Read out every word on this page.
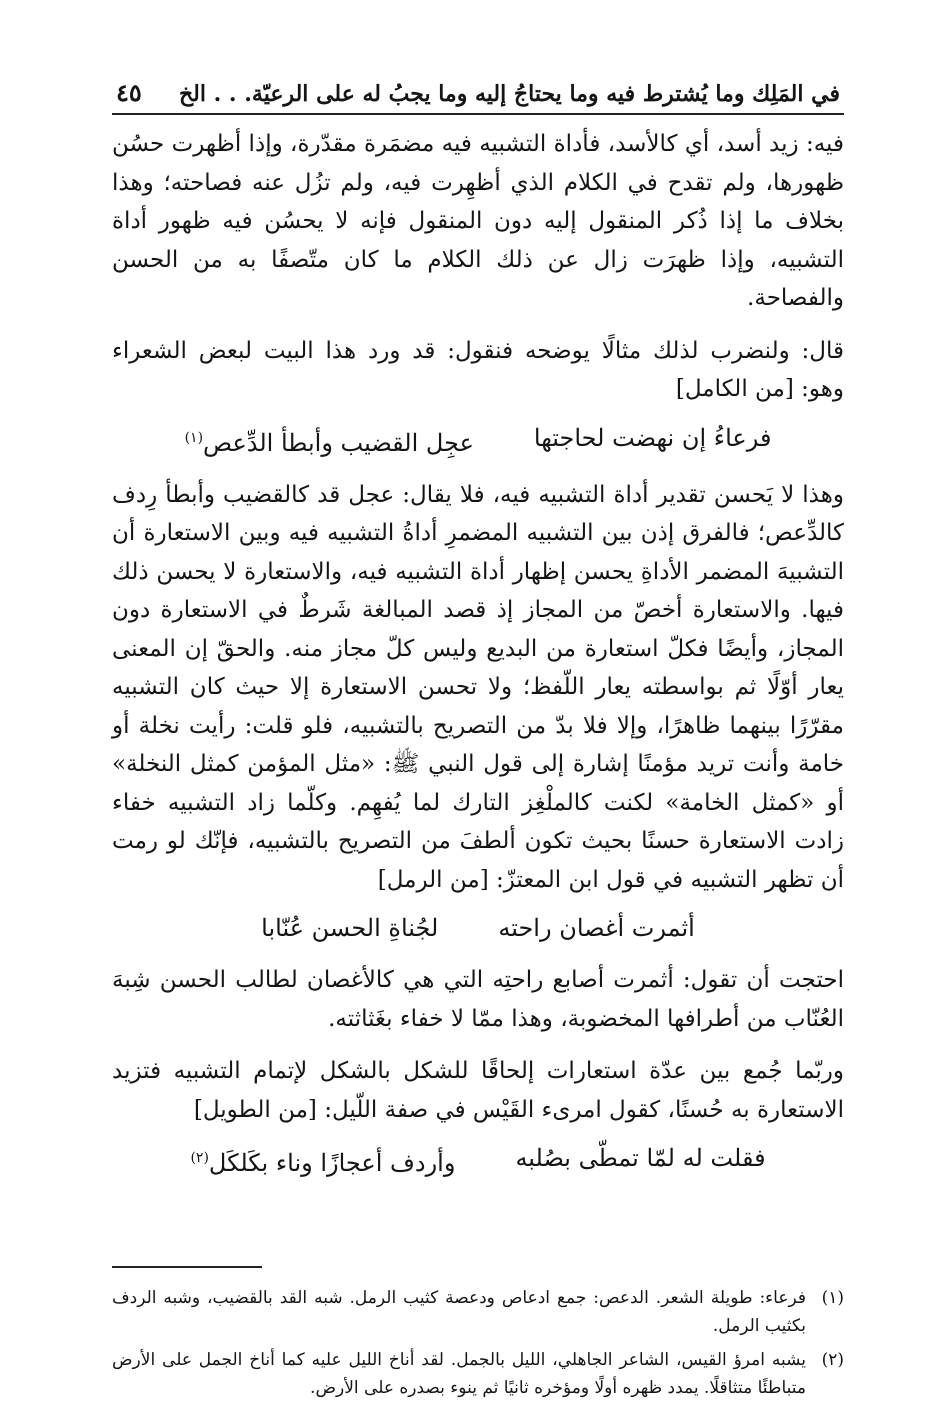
في المَلِك وما يُشترط فيه وما يحتاجُ إليه وما يجبُ له على الرعيّة. . . الخ
٤٥

فيه: زيد أسد، أي كالأسد، فأداة التشبيه فيه مضمَرة مقدّرة، وإذا أظهرت حسُن ظهورها، ولم تقدح في الكلام الذي أظهِرت فيه، ولم تزُل عنه فصاحته؛ وهذا بخلاف ما إذا ذُكر المنقول إليه دون المنقول فإنه لا يحسُن فيه ظهور أداة التشبيه، وإذا ظهرَت زال عن ذلك الكلام ما كان متّصفًا به من الحسن والفصاحة.

قال: ولنضرب لذلك مثالًا يوضحه فنقول: قد ورد هذا البيت لبعض الشعراء وهو: [من الكامل]

فرعاءُ إن نهضت لحاجتها
عجِل القضيب وأبطأ الدِّعص$^{(١)}$

وهذا لا يَحسن تقدير أداة التشبيه فيه، فلا يقال: عجل قد كالقضيب وأبطأ رِدف كالدِّعص؛ فالفرق إذن بين التشبيه المضمرِ أداةُ التشبيه فيه وبين الاستعارة أن التشبيهَ المضمر الأداةِ يحسن إظهار أداة التشبيه فيه، والاستعارة لا يحسن ذلك فيها. والاستعارة أخصّ من المجاز إذ قصد المبالغة شَرطٌ في الاستعارة دون المجاز، وأيضًا فكلّ استعارة من البديع وليس كلّ مجاز منه. والحقّ إن المعنى يعار أوّلًا ثم بواسطته يعار اللّفظ؛ ولا تحسن الاستعارة إلا حيث كان التشبيه مقرّرًا بينهما ظاهرًا، وإلا فلا بدّ من التصريح بالتشبيه، فلو قلت: رأيت نخلة أو خامة وأنت تريد مؤمنًا إشارة إلى قول النبي ﷺ: «مثل المؤمن كمثل النخلة» أو «كمثل الخامة» لكنت كالملْغِز التارك لما يُفهِم. وكلّما زاد التشبيه خفاء زادت الاستعارة حسنًا بحيث تكون ألطفَ من التصريح بالتشبيه، فإنّك لو رمت أن تظهر التشبيه في قول ابن المعتزّ: [من الرمل]

أثمرت أغصان راحته
لجُناةِ الحسن عُنّابا

احتجت أن تقول: أثمرت أصابع راحتِه التي هي كالأغصان لطالب الحسن شِبهَ العُنّاب من أطرافها المخضوبة، وهذا ممّا لا خفاء بغَثاثته.

وربّما جُمع بين عدّة استعارات إلحاقًا للشكل بالشكل لإتمام التشبيه فتزيد الاستعارة به حُسنًا، كقول امرىء القَيْس في صفة اللّيل: [من الطويل]

فقلت له لمّا تمطّى بصُلبه
وأردف أعجازًا وناء بكَلكَل$^{(٢)}$

(١)
فرعاء: طويلة الشعر. الدعص: جمع ادعاص ودعصة كثيب الرمل. شبه القد بالقضيب، وشبه الردف بكثيب الرمل.

(٢)
يشبه امرؤ القيس، الشاعر الجاهلي، الليل بالجمل. لقد أناخ الليل عليه كما أناخ الجمل على الأرض متباطئًا متثاقلًا. يمدد ظهره أولًا ومؤخره ثانيًا ثم ينوء بصدره على الأرض.
